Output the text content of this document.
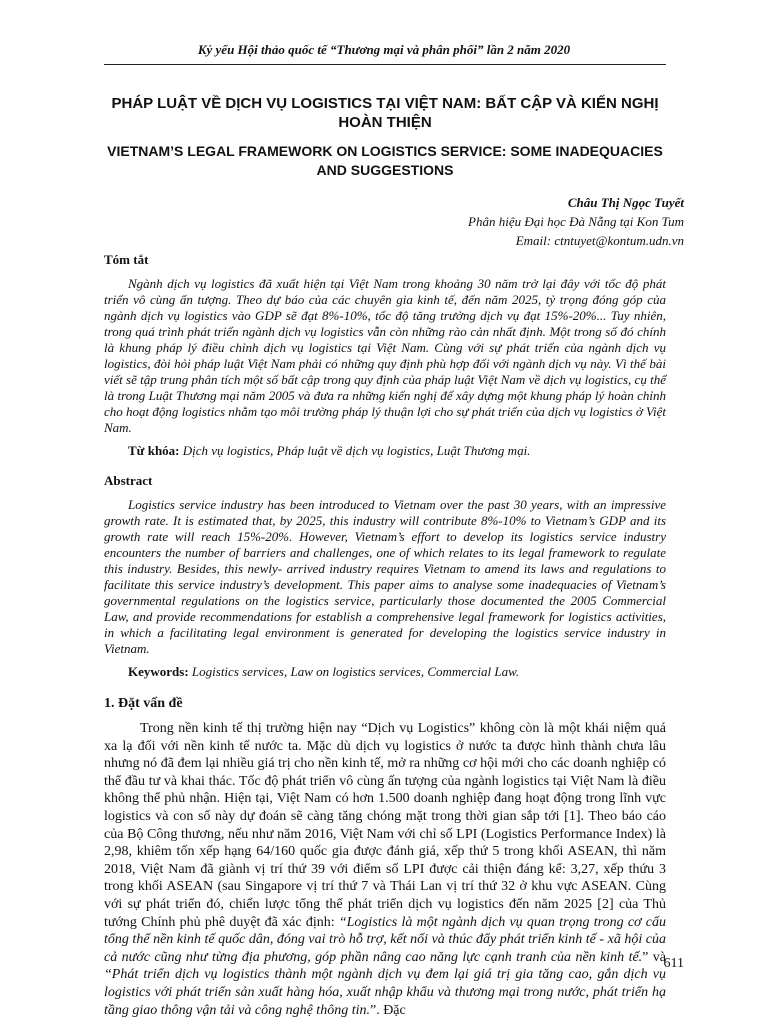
Kỷ yếu Hội thảo quốc tế “Thương mại và phân phối” lần 2 năm 2020

PHÁP LUẬT VỀ DỊCH VỤ LOGISTICS TẠI VIỆT NAM: BẤT CẬP VÀ KIẾN NGHỊ HOÀN THIỆN

VIETNAM’S LEGAL FRAMEWORK ON LOGISTICS SERVICE: SOME INADEQUACIES AND SUGGESTIONS

Châu Thị Ngọc Tuyết
Phân hiệu Đại học Đà Nẵng tại Kon Tum
Email: ctntuyet@kontum.udn.vn

Tóm tắt

Ngành dịch vụ logistics đã xuất hiện tại Việt Nam trong khoảng 30 năm trở lại đây với tốc độ phát triển vô cùng ấn tượng. Theo dự báo của các chuyên gia kinh tế, đến năm 2025, tỷ trọng đóng góp của ngành dịch vụ logistics vào GDP sẽ đạt 8%-10%, tốc độ tăng trưởng dịch vụ đạt 15%-20%... Tuy nhiên, trong quá trình phát triển ngành dịch vụ logistics vẫn còn những rào cản nhất định. Một trong số đó chính là khung pháp lý điều chỉnh dịch vụ logistics tại Việt Nam. Cùng với sự phát triển của ngành dịch vụ logistics, đòi hỏi pháp luật Việt Nam phải có những quy định phù hợp đối với ngành dịch vụ này. Vì thế bài viết sẽ tập trung phân tích một số bất cập trong quy định của pháp luật Việt Nam về dịch vụ logistics, cụ thể là trong Luật Thương mại năm 2005 và đưa ra những kiến nghị để xây dựng một khung pháp lý hoàn chỉnh cho hoạt động logistics nhằm tạo môi trường pháp lý thuận lợi cho sự phát triển của dịch vụ logistics ở Việt Nam.

Từ khóa: Dịch vụ logistics, Pháp luật về dịch vụ logistics, Luật Thương mại.

Abstract

Logistics service industry has been introduced to Vietnam over the past 30 years, with an impressive growth rate. It is estimated that, by 2025, this industry will contribute 8%-10% to Vietnam’s GDP and its growth rate will reach 15%-20%. However, Vietnam’s effort to develop its logistics service industry encounters the number of barriers and challenges, one of which relates to its legal framework to regulate this industry. Besides, this newly- arrived industry requires Vietnam to amend its laws and regulations to facilitate this service industry’s development. This paper aims to analyse some inadequacies of Vietnam’s governmental regulations on the logistics service, particularly those documented the 2005 Commercial Law, and provide recommendations for establish a comprehensive legal framework for logistics activities, in which a facilitating legal environment is generated for developing the logistics service industry in Vietnam.

Keywords: Logistics services, Law on logistics services, Commercial Law.

1. Đặt vấn đề

Trong nền kinh tế thị trường hiện nay “Dịch vụ Logistics” không còn là một khái niệm quá xa lạ đối với nền kinh tế nước ta. Mặc dù dịch vụ logistics ở nước ta được hình thành chưa lâu nhưng nó đã đem lại nhiều giá trị cho nền kinh tế, mở ra những cơ hội mới cho các doanh nghiệp có thể đầu tư và khai thác. Tốc độ phát triển vô cùng ấn tượng của ngành logistics tại Việt Nam là điều không thể phủ nhận. Hiện tại, Việt Nam có hơn 1.500 doanh nghiệp đang hoạt động trong lĩnh vực logistics và con số này dự đoán sẽ càng tăng chóng mặt trong thời gian sắp tới [1]. Theo báo cáo của Bộ Công thương, nếu như năm 2016, Việt Nam với chỉ số LPI (Logistics Performance Index) là 2,98, khiêm tốn xếp hạng 64/160 quốc gia được đánh giá, xếp thứ 5 trong khối ASEAN, thì năm 2018, Việt Nam đã giành vị trí thứ 39 với điểm số LPI được cải thiện đáng kể: 3,27, xếp thứu 3 trong khối ASEAN (sau Singapore vị trí thứ 7 và Thái Lan vị trí thứ 32 ở khu vực ASEAN. Cùng với sự phát triển đó, chiến lược tổng thể phát triển dịch vụ logistics đến năm 2025 [2] của Thủ tướng Chính phủ phê duyệt đã xác định: “Logistics là một ngành dịch vụ quan trọng trong cơ cấu tổng thể nền kinh tế quốc dân, đóng vai trò hỗ trợ, kết nối và thúc đẩy phát triển kinh tế - xã hội của cả nước cũng như từng địa phương, góp phần nâng cao năng lực cạnh tranh của nền kinh tế.” và “Phát triển dịch vụ logistics thành một ngành dịch vụ đem lại giá trị gia tăng cao, gắn dịch vụ logistics với phát triển sản xuất hàng hóa, xuất nhập khẩu và thương mại trong nước, phát triển hạ tầng giao thông vận tải và công nghệ thông tin.”. Đặc

611
